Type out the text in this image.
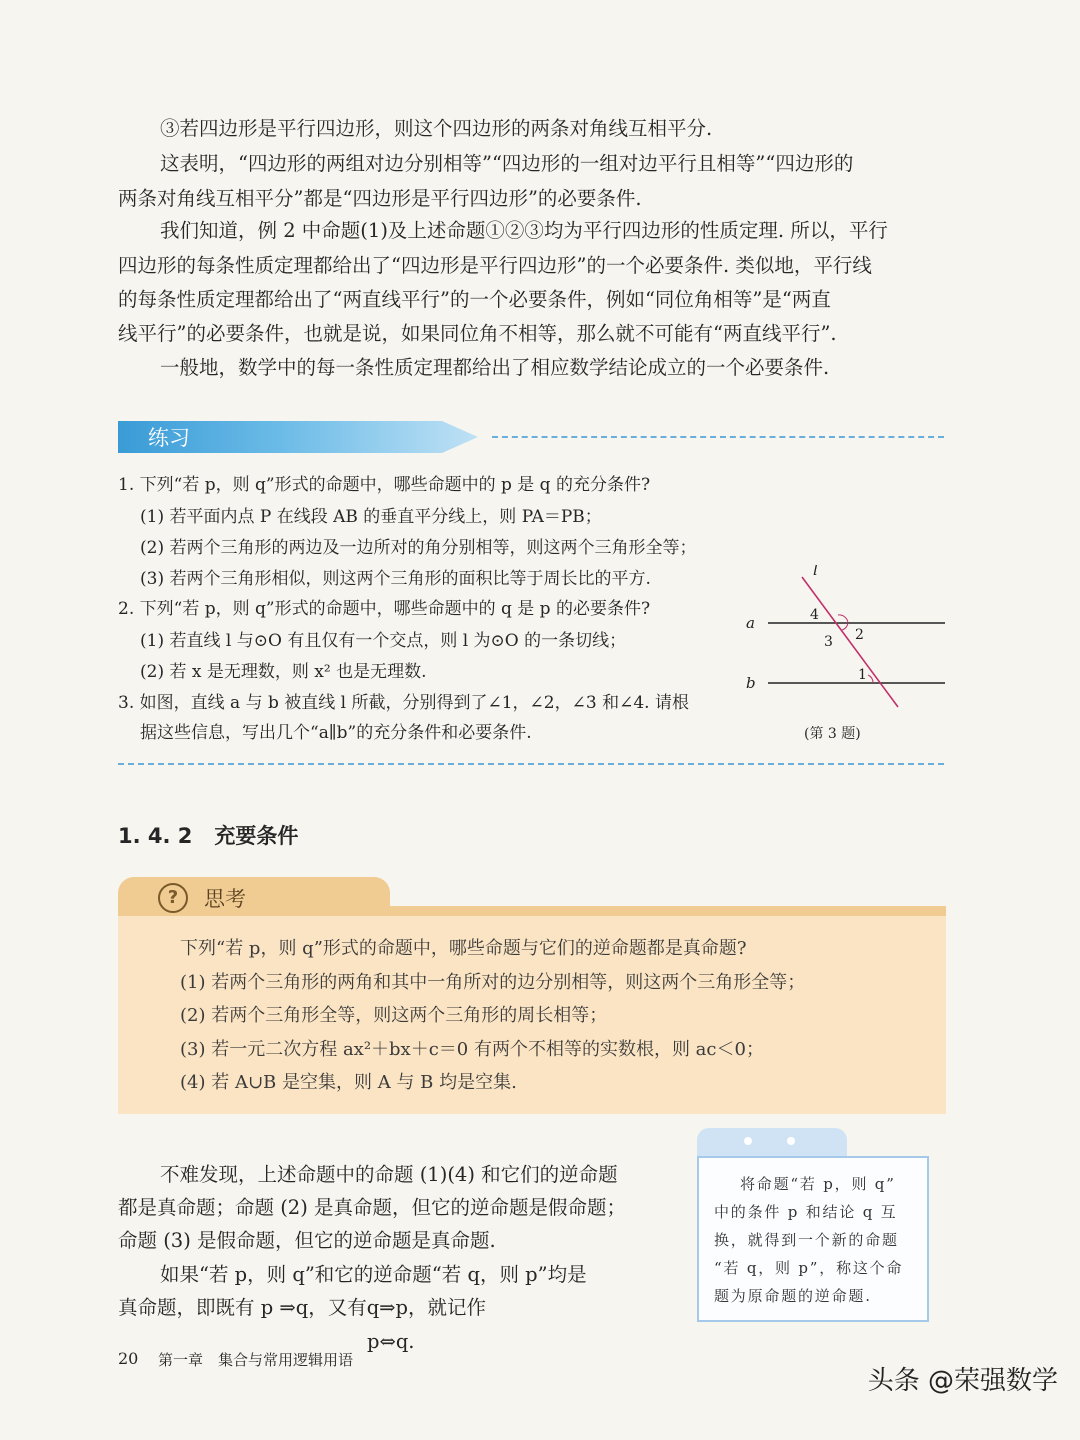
③若四边形是平行四边形，则这个四边形的两条对角线互相平分.
这表明，“四边形的两组对边分别相等”“四边形的一组对边平行且相等”“四边形的
两条对角线互相平分”都是“四边形是平行四边形”的必要条件.
我们知道，例 2 中命题(1)及上述命题①②③均为平行四边形的性质定理. 所以，平行
四边形的每条性质定理都给出了“四边形是平行四边形”的一个必要条件. 类似地，平行线
的每条性质定理都给出了“两直线平行”的一个必要条件，例如“同位角相等”是“两直
线平行”的必要条件，也就是说，如果同位角不相等，那么就不可能有“两直线平行”.
一般地，数学中的每一条性质定理都给出了相应数学结论成立的一个必要条件.
练习
1. 下列“若 p，则 q”形式的命题中，哪些命题中的 p 是 q 的充分条件?
(1) 若平面内点 P 在线段 AB 的垂直平分线上，则 PA＝PB；
(2) 若两个三角形的两边及一边所对的角分别相等，则这两个三角形全等；
(3) 若两个三角形相似，则这两个三角形的面积比等于周长比的平方.
2. 下列“若 p，则 q”形式的命题中，哪些命题中的 q 是 p 的必要条件?
(1) 若直线 l 与⊙O 有且仅有一个交点，则 l 为⊙O 的一条切线；
(2) 若 x 是无理数，则 x² 也是无理数.
3. 如图，直线 a 与 b 被直线 l 所截，分别得到了∠1，∠2，∠3 和∠4. 请根
据这些信息，写出几个“a∥b”的充分条件和必要条件.
l
a
b
4
2
3
1
(第 3 题)
1. 4. 2 充要条件
?	思考
下列“若 p，则 q”形式的命题中，哪些命题与它们的逆命题都是真命题?
(1) 若两个三角形的两角和其中一角所对的边分别相等，则这两个三角形全等；
(2) 若两个三角形全等，则这两个三角形的周长相等；
(3) 若一元二次方程 ax²＋bx＋c＝0 有两个不相等的实数根，则 ac＜0；
(4) 若 A∪B 是空集，则 A 与 B 均是空集.
不难发现，上述命题中的命题 (1)(4) 和它们的逆命题
都是真命题；命题 (2) 是真命题，但它的逆命题是假命题；
命题 (3) 是假命题，但它的逆命题是真命题.
如果“若 p，则 q”和它的逆命题“若 q，则 p”均是
真命题，即既有 p ⇒q，又有q⇒p，就记作
p⇔q.
将命题“若 p，则 q”
中的条件 p 和结论 q 互
换，就得到一个新的命题
“若 q，则 p”，称这个命
题为原命题的逆命题.
20 第一章　集合与常用逻辑用语
头条 @荣强数学
